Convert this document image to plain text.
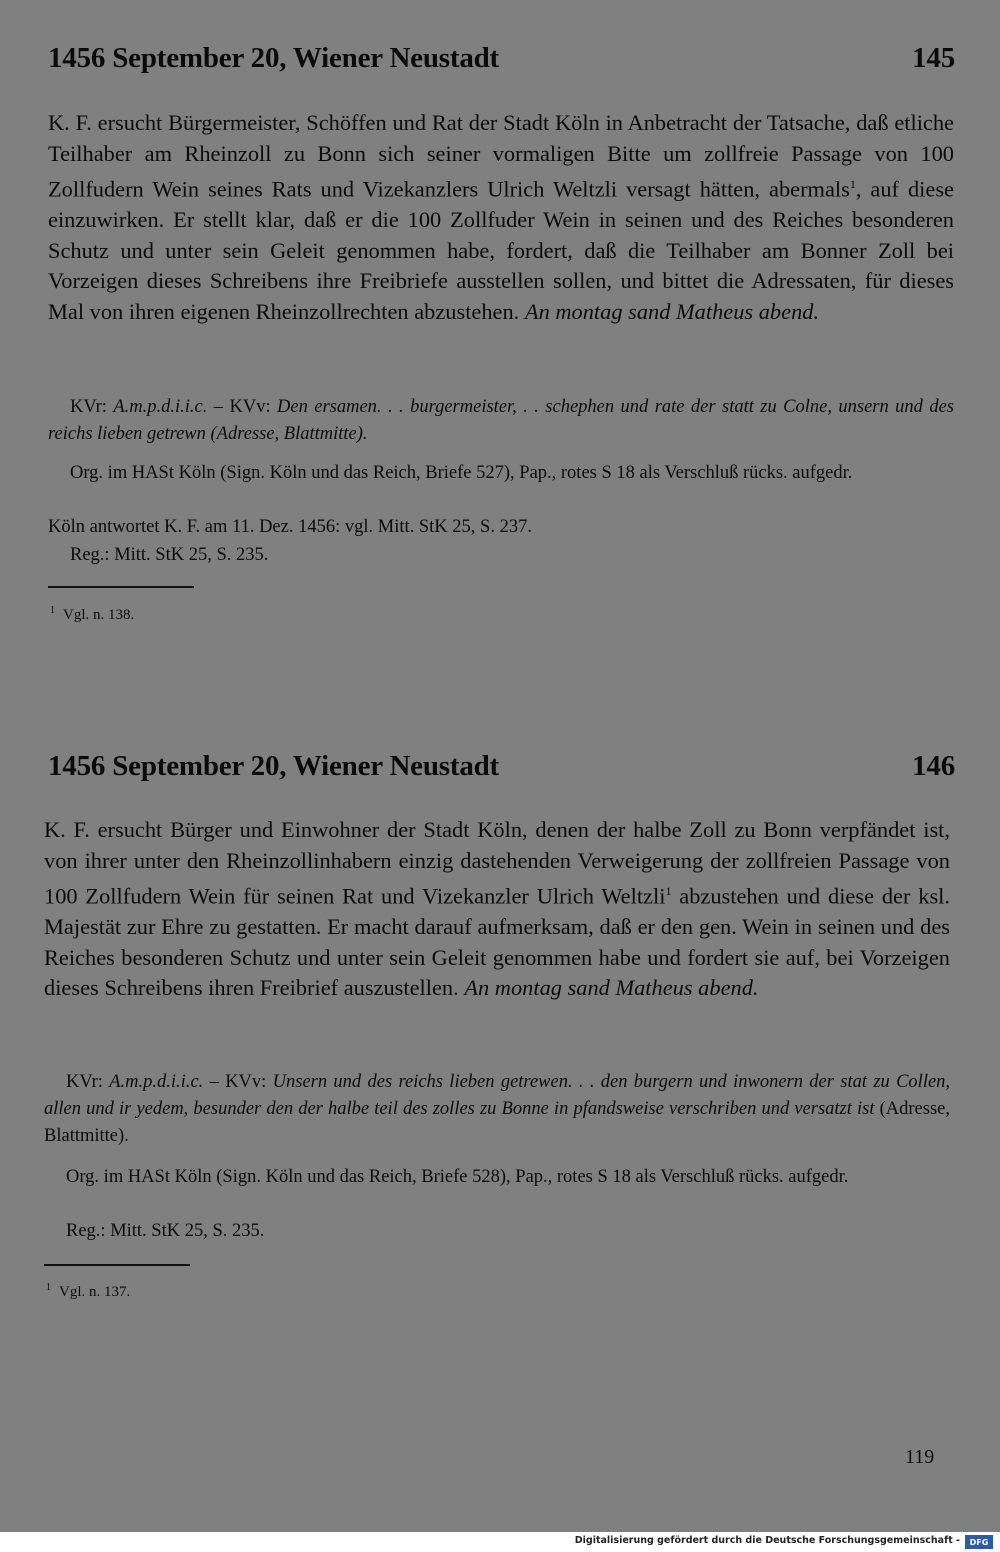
1456 September 20, Wiener Neustadt	145
K. F. ersucht Bürgermeister, Schöffen und Rat der Stadt Köln in Anbetracht der Tatsache, daß etliche Teilhaber am Rheinzoll zu Bonn sich seiner vormaligen Bitte um zollfreie Passage von 100 Zollfudern Wein seines Rats und Vizekanzlers Ulrich Weltzli versagt hätten, abermals$^1$, auf diese einzuwirken. Er stellt klar, daß er die 100 Zollfuder Wein in seinen und des Reiches besonderen Schutz und unter sein Geleit genommen habe, fordert, daß die Teilhaber am Bonner Zoll bei Vorzeigen dieses Schreibens ihre Freibriefe ausstellen sollen, und bittet die Adressaten, für dieses Mal von ihren eigenen Rheinzollrechten abzustehen. An montag sand Matheus abend.
KVr: A.m.p.d.i.i.c. – KVv: Den ersamen. . . burgermeister, . . schephen und rate der statt zu Colne, unsern und des reichs lieben getrewn (Adresse, Blattmitte).
Org. im HASt Köln (Sign. Köln und das Reich, Briefe 527), Pap., rotes S 18 als Verschluß rücks. aufgedr.
Köln antwortet K. F. am 11. Dez. 1456: vgl. Mitt. StK 25, S. 237.
Reg.: Mitt. StK 25, S. 235.
$^1$ Vgl. n. 138.
1456 September 20, Wiener Neustadt	146
K. F. ersucht Bürger und Einwohner der Stadt Köln, denen der halbe Zoll zu Bonn verpfändet ist, von ihrer unter den Rheinzollinhabern einzig dastehenden Verweigerung der zollfreien Passage von 100 Zollfudern Wein für seinen Rat und Vizekanzler Ulrich Weltzli$^1$ abzustehen und diese der ksl. Majestät zur Ehre zu gestatten. Er macht darauf aufmerksam, daß er den gen. Wein in seinen und des Reiches besonderen Schutz und unter sein Geleit genommen habe und fordert sie auf, bei Vorzeigen dieses Schreibens ihren Freibrief auszustellen. An montag sand Matheus abend.
KVr: A.m.p.d.i.i.c. – KVv: Unsern und des reichs lieben getrewen. . . den burgern und inwonern der stat zu Collen, allen und ir yedem, besunder den der halbe teil des zolles zu Bonne in pfandsweise verschriben und versatzt ist (Adresse, Blattmitte).
Org. im HASt Köln (Sign. Köln und das Reich, Briefe 528), Pap., rotes S 18 als Verschluß rücks. aufgedr.
Reg.: Mitt. StK 25, S. 235.
$^1$ Vgl. n. 137.
119
Digitalisierung gefördert durch die Deutsche Forschungsgemeinschaft -	DFG
